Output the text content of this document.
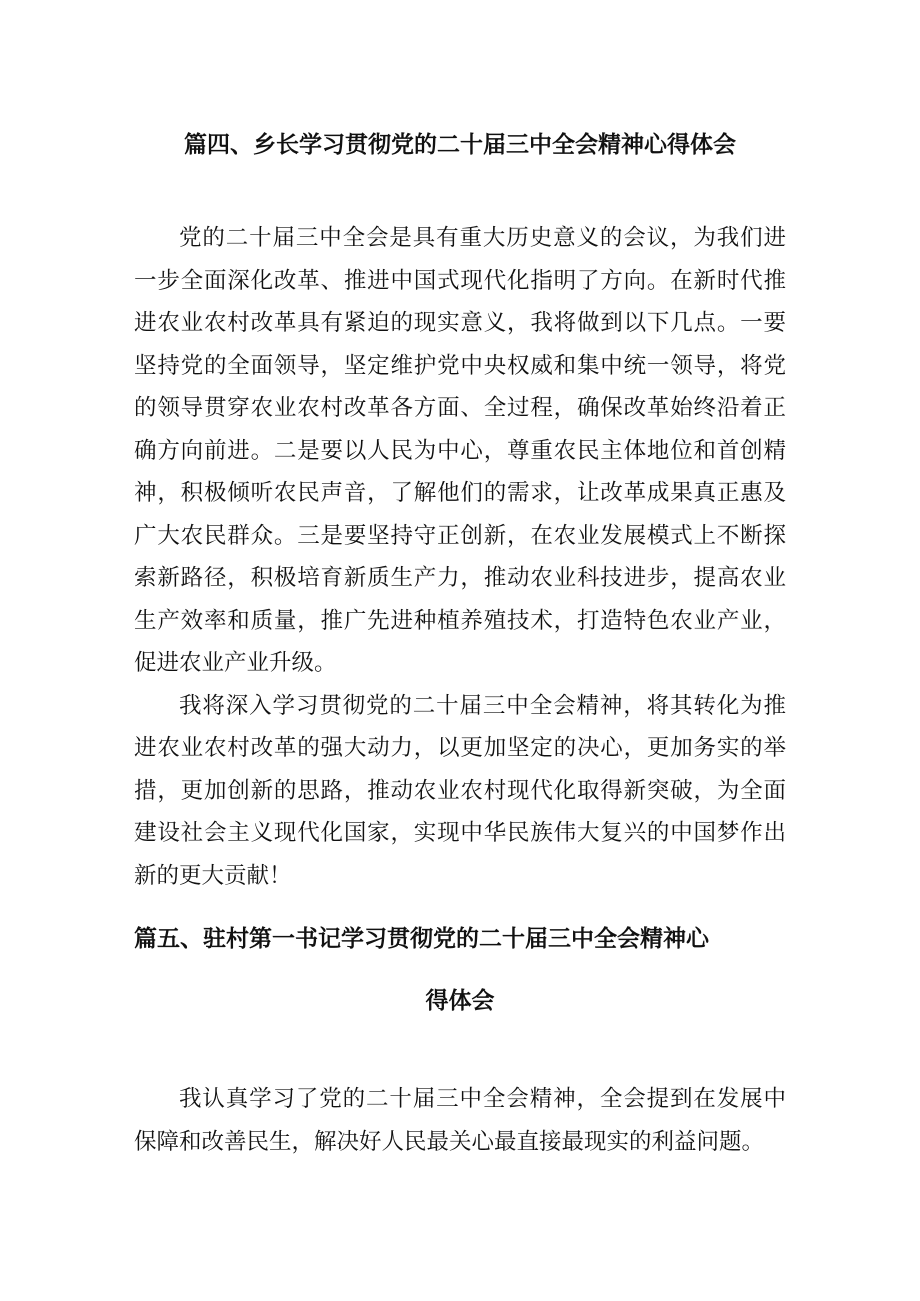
篇四、乡长学习贯彻党的二十届三中全会精神心得体会

党的二十届三中全会是具有重大历史意义的会议，为我们进一步全面深化改革、推进中国式现代化指明了方向。在新时代推进农业农村改革具有紧迫的现实意义，我将做到以下几点。一要坚持党的全面领导，坚定维护党中央权威和集中统一领导，将党的领导贯穿农业农村改革各方面、全过程，确保改革始终沿着正确方向前进。二是要以人民为中心，尊重农民主体地位和首创精神，积极倾听农民声音，了解他们的需求，让改革成果真正惠及广大农民群众。三是要坚持守正创新，在农业发展模式上不断探索新路径，积极培育新质生产力，推动农业科技进步，提高农业生产效率和质量，推广先进种植养殖技术，打造特色农业产业，促进农业产业升级。

我将深入学习贯彻党的二十届三中全会精神，将其转化为推进农业农村改革的强大动力，以更加坚定的决心，更加务实的举措，更加创新的思路，推动农业农村现代化取得新突破，为全面建设社会主义现代化国家，实现中华民族伟大复兴的中国梦作出新的更大贡献！

篇五、驻村第一书记学习贯彻党的二十届三中全会精神心
得体会

我认真学习了党的二十届三中全会精神，全会提到在发展中保障和改善民生，解决好人民最关心最直接最现实的利益问题。
